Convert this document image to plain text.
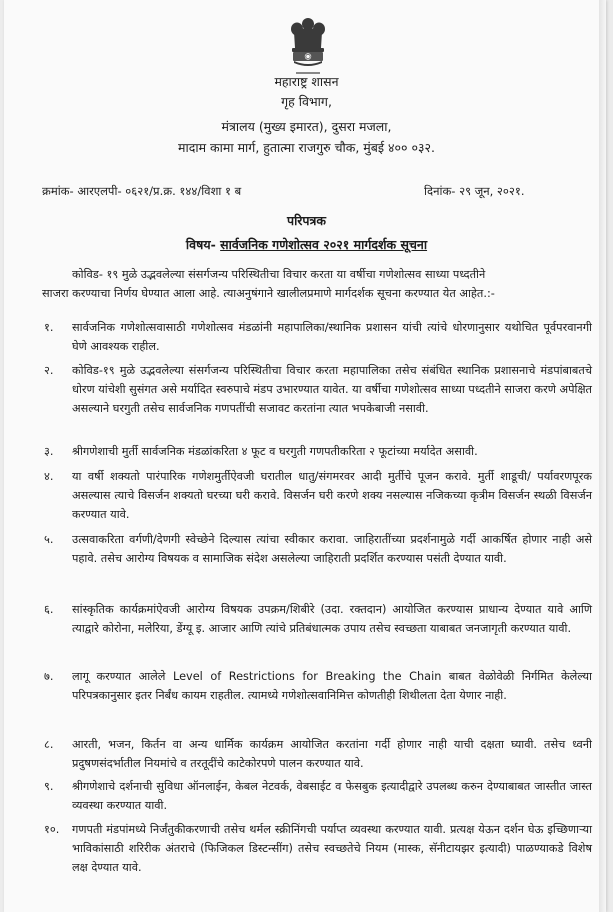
महाराष्ट्र शासन
गृह विभाग,
मंत्रालय (मुख्य इमारत), दुसरा मजला,
मादाम कामा मार्ग, हुतात्मा राजगुरु चौक, मुंबई ४०० ०३२.
क्रमांक- आरएलपी- ०६२१/प्र.क्र. १४४/विशा १ ब	दिनांक- २९ जून, २०२१.
परिपत्रक
विषय- सार्वजनिक गणेशोत्सव २०२१ मार्गदर्शक सूचना
कोविड- १९ मुळे उद्भवलेल्या संसर्गजन्य परिस्थितीचा विचार करता या वर्षीचा गणेशोत्सव साध्या पध्दतीने
साजरा करण्याचा निर्णय घेण्यात आला आहे. त्याअनुषंगाने खालीलप्रमाणे मार्गदर्शक सूचना करण्यात येत आहेत.:-
१.	सार्वजनिक गणेशोत्सवासाठी गणेशोत्सव मंडळांनी महापालिका/स्थानिक प्रशासन यांची त्यांचे धोरणानुसार यथोचित पूर्वपरवानगी घेणे आवश्यक राहील.
२.	कोविड-१९ मुळे उद्भवलेल्या संसर्गजन्य परिस्थितीचा विचार करता महापालिका तसेच संबंधित स्थानिक प्रशासनाचे मंडपांबाबतचे धोरण यांचेशी सुसंगत असे मर्यादित स्वरुपाचे मंडप उभारण्यात यावेत. या वर्षीचा गणेशोत्सव साध्या पध्दतीने साजरा करणे अपेक्षित असल्याने घरगुती तसेच सार्वजनिक गणपतींची सजावट करतांना त्यात भपकेबाजी नसावी.
३.	श्रीगणेशाची मुर्ती सार्वजनिक मंडळांकरिता ४ फूट व घरगुती गणपतीकरिता २ फूटांच्या मर्यादेत असावी.
४.	या वर्षी शक्यतो पारंपारिक गणेशमुर्तीऐवजी घरातील धातु/संगमरवर आदी मुर्तीचे पूजन करावे. मुर्ती शाडूची/ पर्यावरणपूरक असल्यास त्याचे विसर्जन शक्यतो घरच्या घरी करावे. विसर्जन घरी करणे शक्य नसल्यास नजिकच्या कृत्रीम विसर्जन स्थळी विसर्जन करण्यात यावे.
५.	उत्सवाकरिता वर्गणी/देणगी स्वेच्छेने दिल्यास त्यांचा स्वीकार करावा. जाहिरातींच्या प्रदर्शनामुळे गर्दी आकर्षित होणार नाही असे पहावे. तसेच आरोग्य विषयक व सामाजिक संदेश असलेल्या जाहिराती प्रदर्शित करण्यास पसंती देण्यात यावी.
६.	सांस्कृतिक कार्यक्रमांऐवजी आरोग्य विषयक उपक्रम/शिबीरे (उदा. रक्तदान) आयोजित करण्यास प्राधान्य देण्यात यावे आणि त्याद्वारे कोरोना, मलेरिया, डेंग्यू इ. आजार आणि त्यांचे प्रतिबंधात्मक उपाय तसेच स्वच्छता याबाबत जनजागृती करण्यात यावी.
७.	लागू करण्यात आलेले Level of Restrictions for Breaking the Chain बाबत वेळोवेळी निर्गमित केलेल्या परिपत्रकानुसार इतर निर्बंध कायम राहतील. त्यामध्ये गणेशोत्सवानिमित्त कोणतीही शिथीलता देता येणार नाही.
८.	आरती, भजन, किर्तन वा अन्य धार्मिक कार्यक्रम आयोजित करतांना गर्दी होणार नाही याची दक्षता घ्यावी. तसेच ध्वनी प्रदुषणसंदर्भातील नियमांचे व तरतूदींचे काटेकोरपणे पालन करण्यात यावे.
९.	श्रीगणेशाचे दर्शनाची सुविधा ऑनलाईन, केबल नेटवर्क, वेबसाईट व फेसबुक इत्यादीद्वारे उपलब्ध करुन देण्याबाबत जास्तीत जास्त व्यवस्था करण्यात यावी.
१०.	गणपती मंडपांमध्ये निर्जंतुकीकरणाची तसेच थर्मल स्क्रीनिंगची पर्याप्त व्यवस्था करण्यात यावी. प्रत्यक्ष येऊन दर्शन घेऊ इच्छिणाऱ्या भाविकांसाठी शरिरीक अंतराचे (फिजिकल डिस्टन्सींग) तसेच स्वच्छतेचे नियम (मास्क, सॅनीटायझर इत्यादी) पाळण्याकडे विशेष लक्ष देण्यात यावे.
